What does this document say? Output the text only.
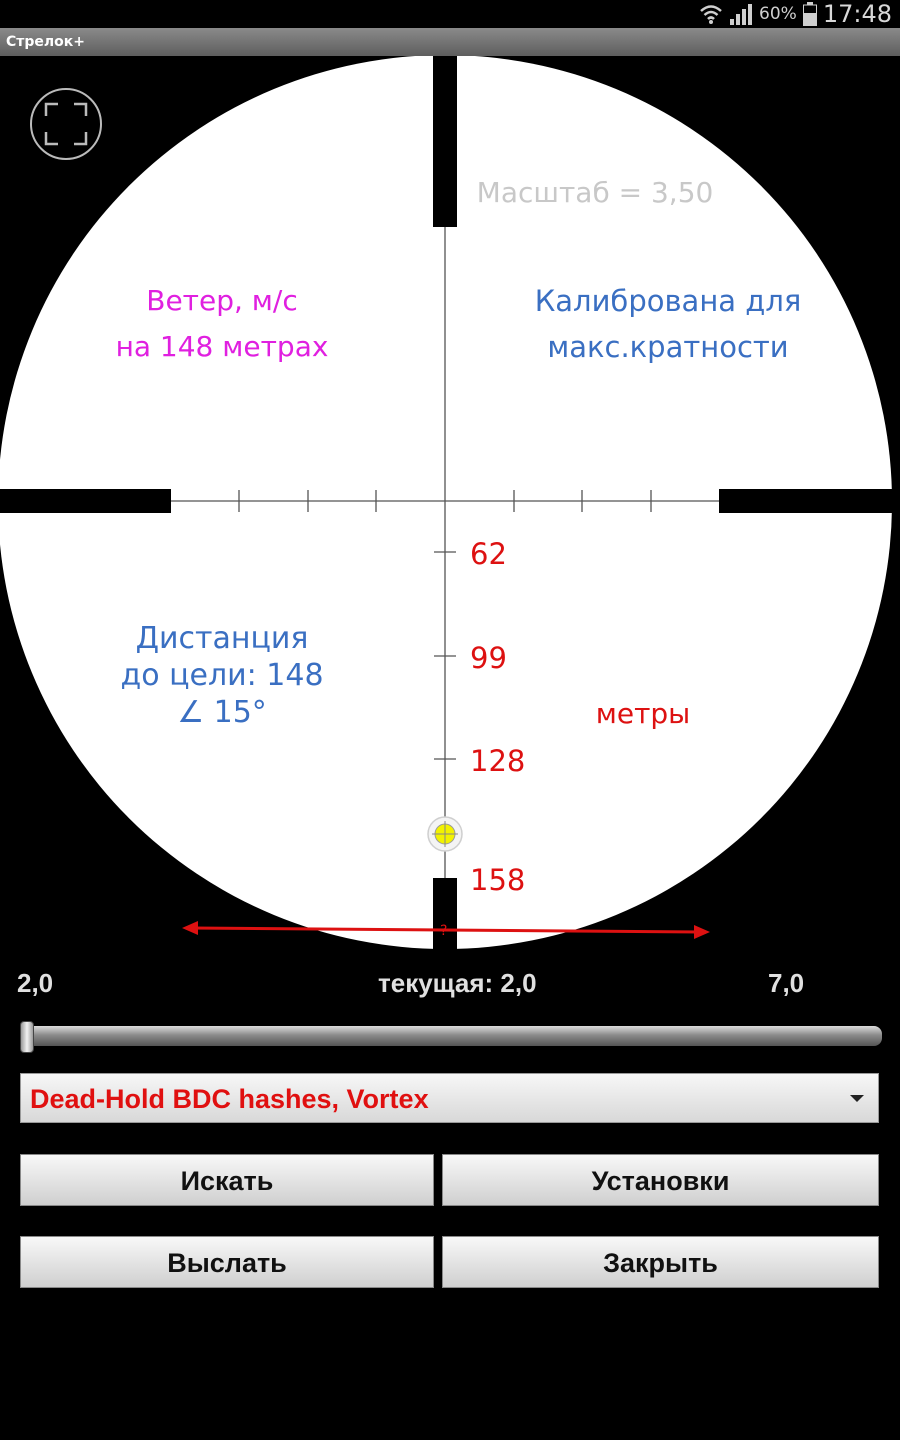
60% 17:48
Стрелок+
62
99
128
158
?
Масштаб = 3,50
Ветер, м/с
на 148 метрах
Калиброванa для
макс.кратности
Дистанция
до цели: 148
∠ 15°	метры
2,0	текущая: 2,0	7,0
Dead-Hold BDC hashes, Vortex
Искать	Установки
Выслать	Закрыть
